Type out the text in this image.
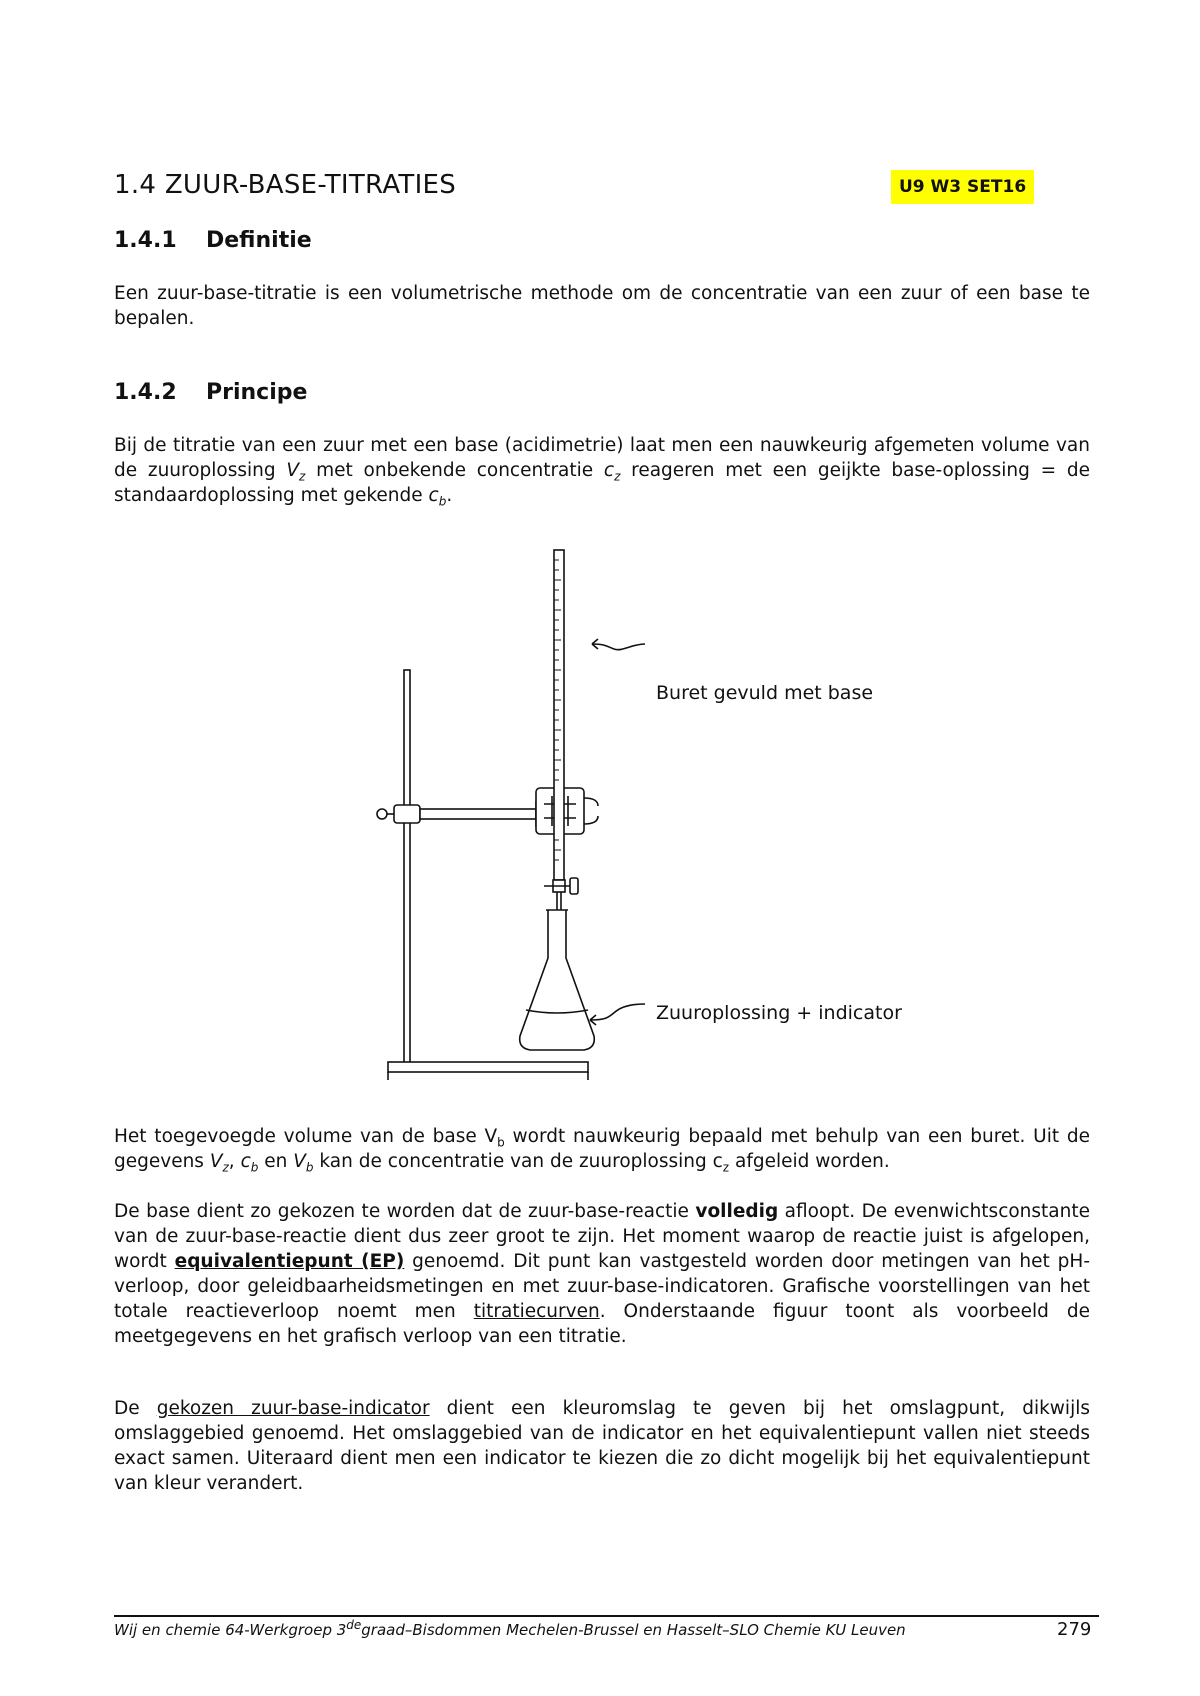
1.4 ZUUR-BASE-TITRATIES	U9 W3 SET16
1.4.1 Definitie
Een zuur-base-titratie is een volumetrische methode om de concentratie van een zuur of een base te bepalen.
1.4.2 Principe
Bij de titratie van een zuur met een base (acidimetrie) laat men een nauwkeurig afgemeten volume van de zuuroplossing $V_z$ met onbekende concentratie $c_z$ reageren met een geijkte base-oplossing = de standaardoplossing met gekende $c_b$.
Buret gevuld met base
Zuuroplossing + indicator
Het toegevoegde volume van de base $V_b$ wordt nauwkeurig bepaald met behulp van een buret. Uit de gegevens $V_z$, $c_b$ en $V_b$ kan de concentratie van de zuuroplossing $c_z$ afgeleid worden.
De base dient zo gekozen te worden dat de zuur-base-reactie volledig afloopt. De evenwichtsconstante van de zuur-base-reactie dient dus zeer groot te zijn. Het moment waarop de reactie juist is afgelopen, wordt equivalentiepunt (EP) genoemd. Dit punt kan vastgesteld worden door metingen van het pH-verloop, door geleidbaarheidsmetingen en met zuur-base-indicatoren. Grafische voorstellingen van het totale reactieverloop noemt men titratiecurven. Onderstaande figuur toont als voorbeeld de meetgegevens en het grafisch verloop van een titratie.
De gekozen zuur-base-indicator dient een kleuromslag te geven bij het omslagpunt, dikwijls omslaggebied genoemd. Het omslaggebied van de indicator en het equivalentiepunt vallen niet steeds exact samen. Uiteraard dient men een indicator te kiezen die zo dicht mogelijk bij het equivalentiepunt van kleur verandert.
Wij en chemie 64-Werkgroep 3degraad–Bisdommen Mechelen-Brussel en Hasselt–SLO Chemie KU Leuven	279
